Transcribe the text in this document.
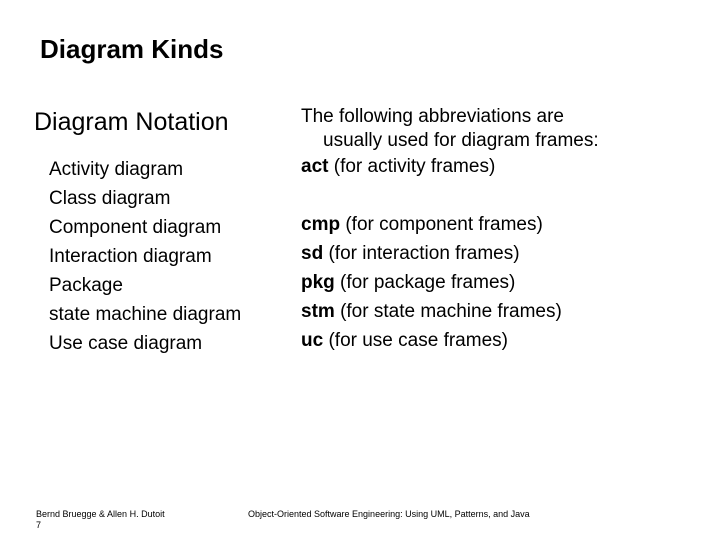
Diagram Kinds
Diagram Notation
Activity diagram
Class diagram
Component diagram
Interaction diagram
Package
state machine diagram
Use case diagram

The following abbreviations are
usually used for diagram frames:

act (for activity frames)

cmp (for component frames)
sd (for interaction frames)
pkg (for package frames)
stm (for state machine frames)
uc (for use case frames)
Bernd Bruegge & Allen H. Dutoit
7
Object-Oriented Software Engineering: Using UML, Patterns, and Java
